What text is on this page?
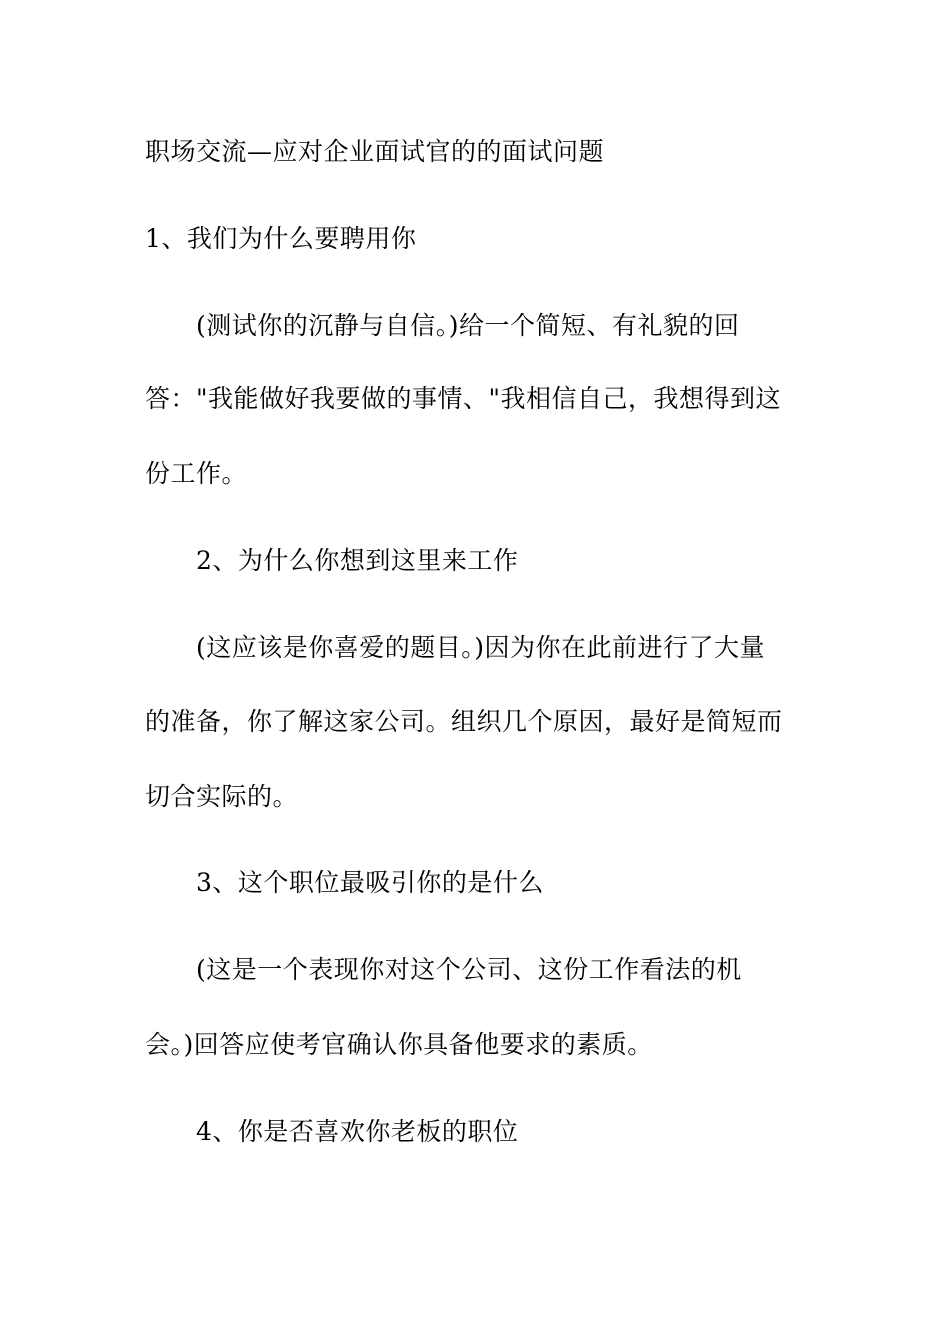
职场交流—应对企业面试官的的面试问题
1、我们为什么要聘用你
(测试你的沉静与自信。)给一个简短、有礼貌的回
答："我能做好我要做的事情、"我相信自己，我想得到这
份工作。
2、为什么你想到这里来工作
(这应该是你喜爱的题目。)因为你在此前进行了大量
的准备，你了解这家公司。组织几个原因，最好是简短而
切合实际的。
3、这个职位最吸引你的是什么
(这是一个表现你对这个公司、这份工作看法的机
会。)回答应使考官确认你具备他要求的素质。
4、你是否喜欢你老板的职位
